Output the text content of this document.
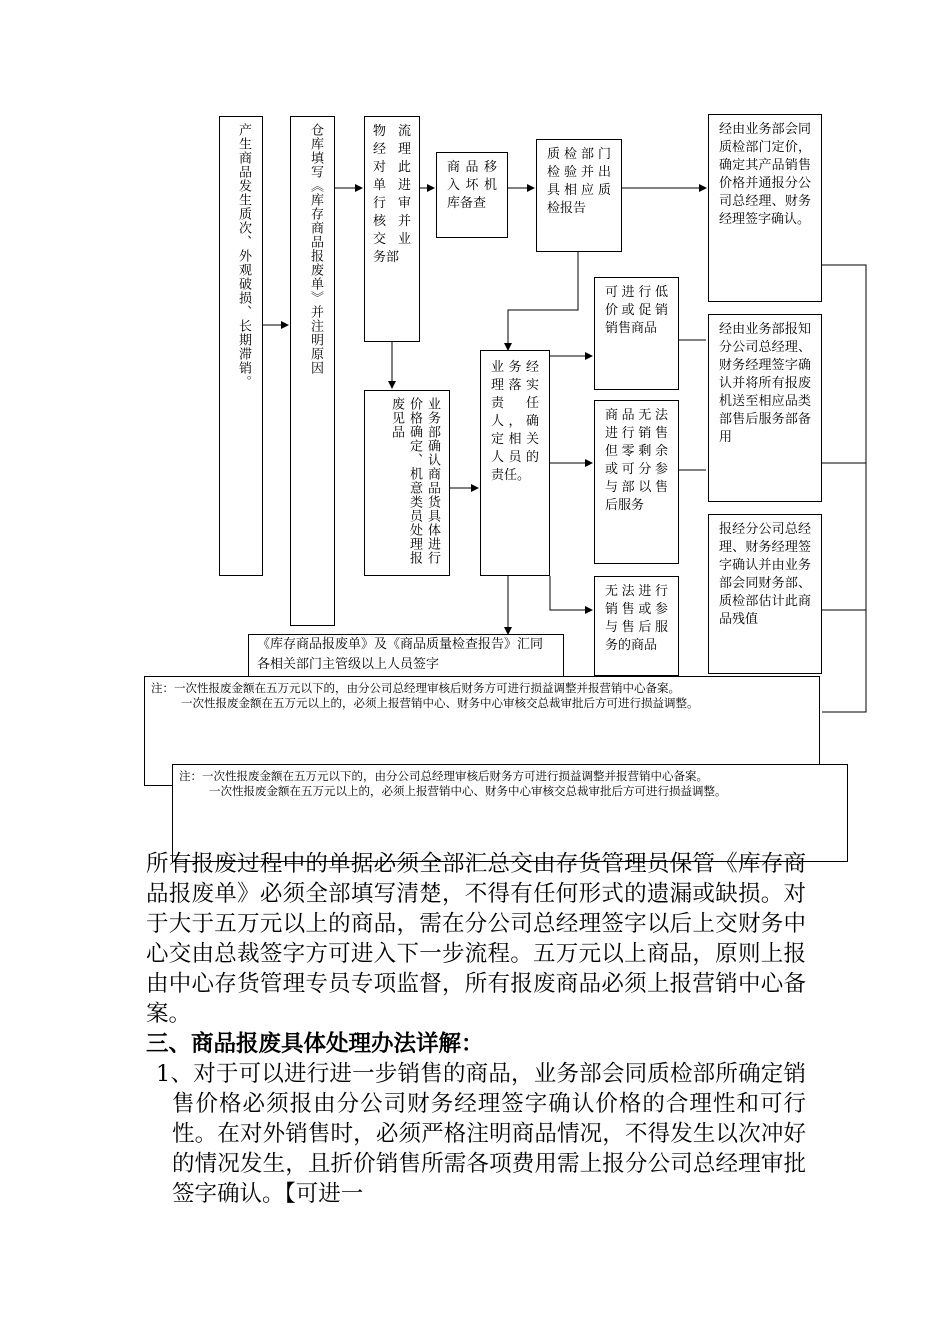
产生商品发生质次、外观破损、长期滞销。	仓库填写《库存商品报废单》并注明原因	物流经理对此单进行审核并交业务部
商品移入坏机库备查
质检部门检验并出具相应质检报告
经由业务部会同质检部门定价，确定其产品销售价格并通报分公司总经理、财务经理签字确认。
业务部确认商品货具体进行价格确定、机意类员处理报废见品
业务经理落实责任人，确定相关人员的责任。
可进行低价或促销销售商品
商品无法进行销售但零剩余或可分参与部以售后服务
无法进行销售或参与售后服务的商品
经由业务部报知分公司总经理、财务经理签字确认并将所有报废机送至相应品类部售后服务部备用
报经分公司总经理、财务经理签字确认并由业务部会同财务部、质检部估计此商品残值
《库存商品报废单》及《商品质量检查报告》汇同各相关部门主管级以上人员签字

注：一次性报废金额在五万元以下的，由分公司总经理审核后财务方可进行损益调整并报营销中心备案。

一次性报废金额在五万元以上的，必须上报营销中心、财务中心审核交总裁审批后方可进行损益调整。

注：一次性报废金额在五万元以下的，由分公司总经理审核后财务方可进行损益调整并报营销中心备案。

一次性报废金额在五万元以上的，必须上报营销中心、财务中心审核交总裁审批后方可进行损益调整。

所有报废过程中的单据必须全部汇总交由存货管理员保管《库存商品报废单》必须全部填写清楚，不得有任何形式的遗漏或缺损。对于大于五万元以上的商品，需在分公司总经理签字以后上交财务中心交由总裁签字方可进入下一步流程。五万元以上商品，原则上报由中心存货管理专员专项监督，所有报废商品必须上报营销中心备案。

三、商品报废具体处理办法详解：

1、对于可以进行进一步销售的商品，业务部会同质检部所确定销售价格必须报由分公司财务经理签字确认价格的合理性和可行性。在对外销售时，必须严格注明商品情况，不得发生以次冲好的情况发生，且折价销售所需各项费用需上报分公司总经理审批签字确认。【可进一
